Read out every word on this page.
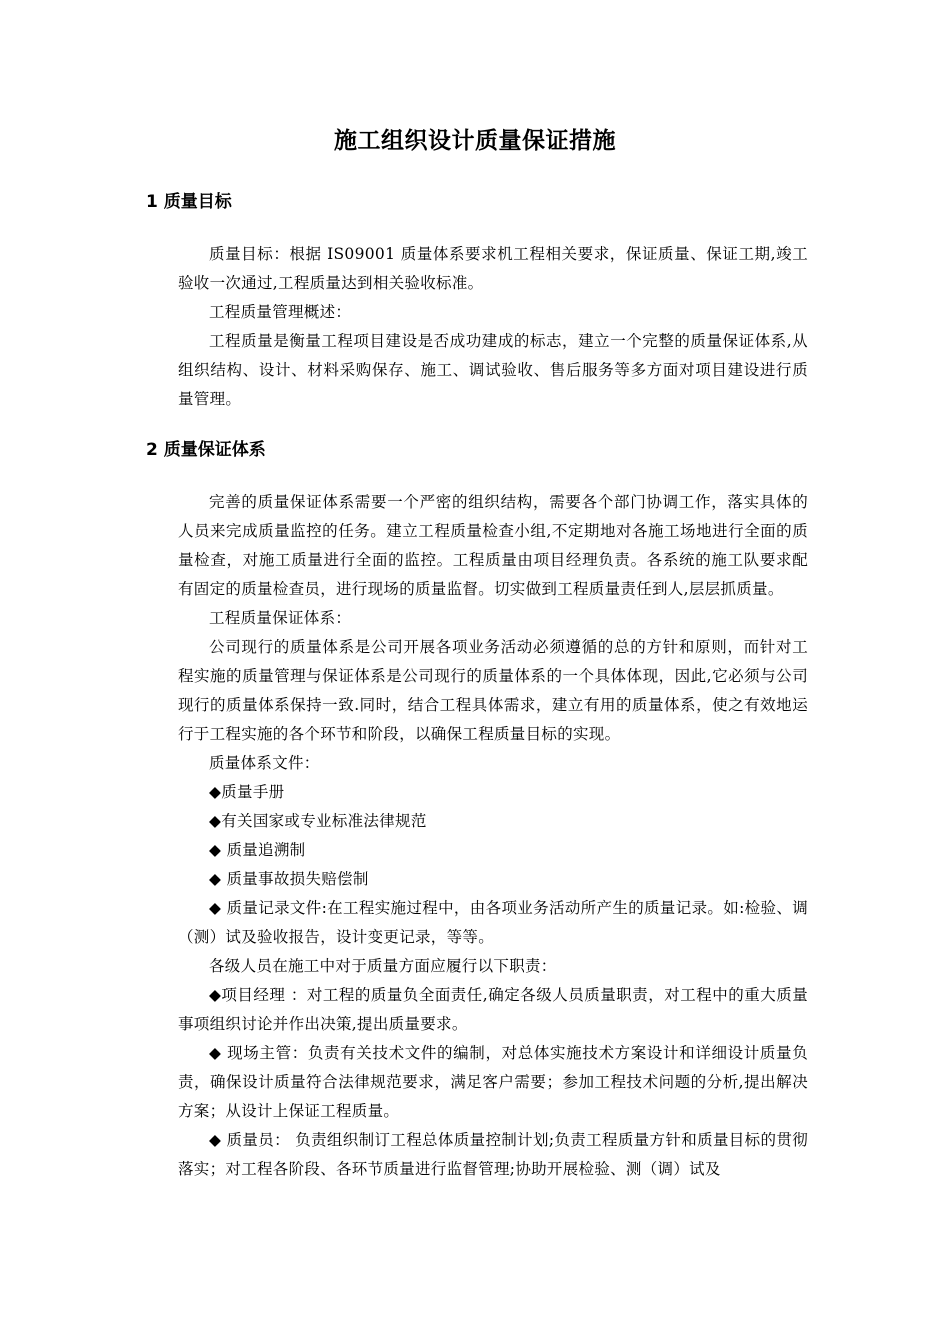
施工组织设计质量保证措施
1 质量目标

质量目标：根据 IS09001 质量体系要求机工程相关要求，保证质量、保证工期,竣工验收一次通过,工程质量达到相关验收标准。

工程质量管理概述：

工程质量是衡量工程项目建设是否成功建成的标志，建立一个完整的质量保证体系,从组织结构、设计、材料采购保存、施工、调试验收、售后服务等多方面对项目建设进行质量管理。

2 质量保证体系

完善的质量保证体系需要一个严密的组织结构，需要各个部门协调工作，落实具体的人员来完成质量监控的任务。建立工程质量检查小组,不定期地对各施工场地进行全面的质量检查，对施工质量进行全面的监控。工程质量由项目经理负责。各系统的施工队要求配有固定的质量检查员，进行现场的质量监督。切实做到工程质量责任到人,层层抓质量。

工程质量保证体系：

公司现行的质量体系是公司开展各项业务活动必须遵循的总的方针和原则，而针对工程实施的质量管理与保证体系是公司现行的质量体系的一个具体体现，因此,它必须与公司现行的质量体系保持一致.同时，结合工程具体需求，建立有用的质量体系，使之有效地运行于工程实施的各个环节和阶段，以确保工程质量目标的实现。

质量体系文件：

◆质量手册

◆有关国家或专业标准法律规范

◆ 质量追溯制

◆ 质量事故损失赔偿制

◆ 质量记录文件:在工程实施过程中，由各项业务活动所产生的质量记录。如:检验、调（测）试及验收报告，设计变更记录，等等。

各级人员在施工中对于质量方面应履行以下职责：

◆项目经理 ：对工程的质量负全面责任,确定各级人员质量职责，对工程中的重大质量事项组织讨论并作出决策,提出质量要求。

◆ 现场主管：负责有关技术文件的编制，对总体实施技术方案设计和详细设计质量负责，确保设计质量符合法律规范要求，满足客户需要；参加工程技术问题的分析,提出解决方案；从设计上保证工程质量。

◆ 质量员： 负责组织制订工程总体质量控制计划;负责工程质量方针和质量目标的贯彻落实；对工程各阶段、各环节质量进行监督管理;协助开展检验、测（调）试及
